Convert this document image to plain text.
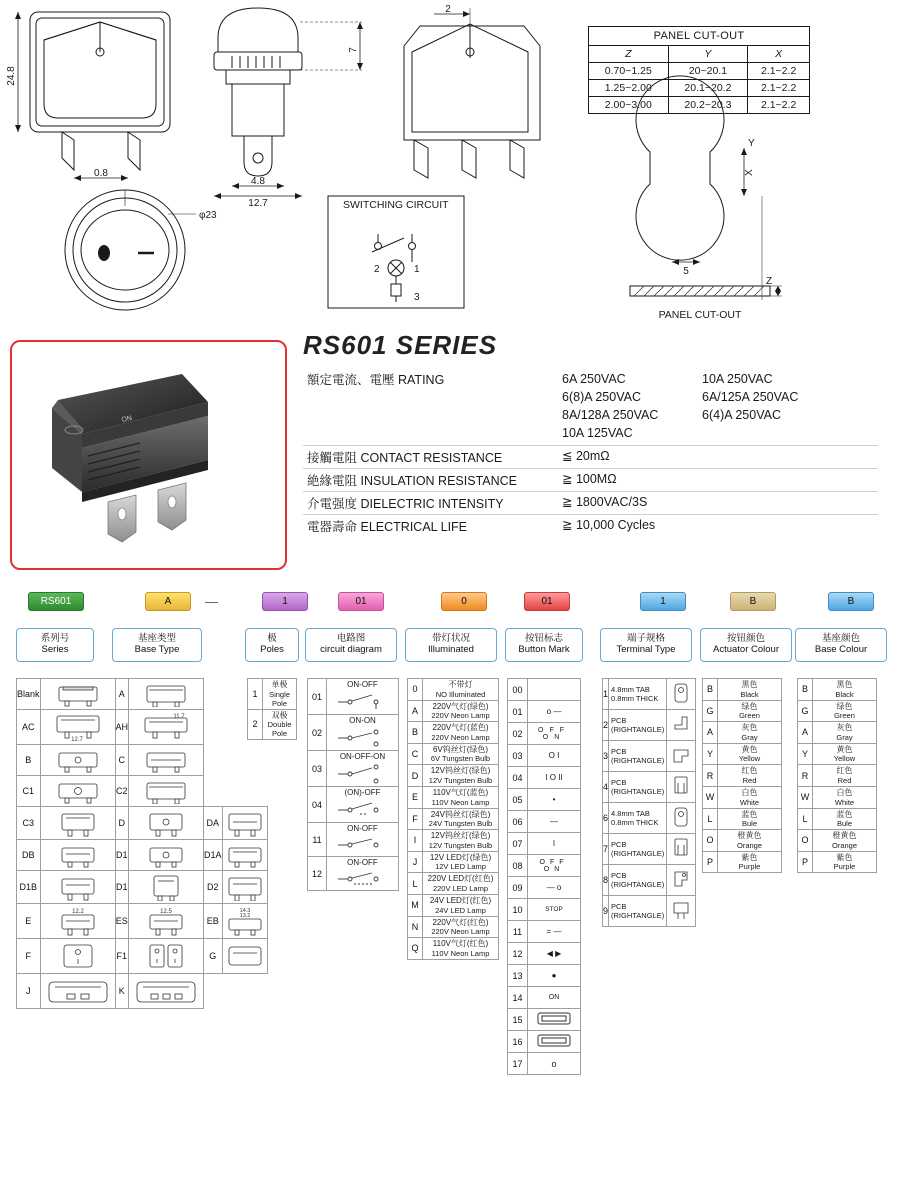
24.8
0.8
4.8
12.7
7
2
φ23
SWITCHING CIRCUIT
2	1
3
Y
X
Z
5
PANEL CUT-OUT
PANEL CUT-OUT
Z	Y	X
0.70~1.25	20~20.1	2.1~2.2
1.25~2.00	20.1~20.2	2.1~2.2
2.00~3.00	20.2~20.3	2.1~2.2
RS601 SERIES
額定電流、電壓 RATING	6A 250VAC 10A 250VAC
6(8)A 250VAC 6A/125A 250VAC
8A/128A 250VAC 6(4)A 250VAC
10A 125VAC

接觸電阻 CONTACT RESISTANCE	≦ 20mΩ
絶緣電阻 INSULATION RESISTANCE	≧ 100MΩ
介電强度 DIELECTRIC INTENSITY	≧ 1800VAC/3S
電器壽命 ELECTRICAL LIFE	≧ 10,000 Cycles
ON
RS601	A	—	1	01	0	01	1	B	B
系列号
Series
基座类型
Base Type
极
Poles
电路图
circuit diagram
带灯状况
Illuminated
按钮标志
Button Mark
端子规格
Terminal Type
按钮颜色
Actuator Colour
基座颜色
Base Colour
Blank		A	

AC	12.7	AH	11.7		

B		C	

C1		C2	

C3		D		DA	

DB		D1		D1A	

D1B		D1		D2	

E	12.2	ES	12.5	EB	14.3
13.2

F		F1		G	

J		K	
1	单极
Single Pole

2	双极
Double Pole
01	ON-OFF

02	ON-ON

03	ON-OFF-ON

04	(ON)-OFF

11	ON-OFF

12	ON-OFF
0	不带灯
NO Illuminated

A	220V气灯(绿色)
220V Neon Lamp

B	220V气灯(蓝色)
220V Neon Lamp

C	6V钨丝灯(绿色)
6V Tungsten Bulb

D	12V钨丝灯(绿色)
12V Tungsten Bulb

E	110V气灯(蓝色)
110V Neon Lamp

F	24V钨丝灯(绿色)
24V Tungsten Bulb

I	12V钨丝灯(绿色)
12V Tungsten Bulb

J	12V LED灯(绿色)
12V LED Lamp

L	220V LED灯(红色)
220V LED Lamp

M	24V LED灯(红色)
24V LED Lamp

N	220V气灯(红色)
220V Neon Lamp

Q	110V气灯(红色)
110V Neon Lamp
00	

01	o —

02	OFF ON

03	O I

04	I O II

05	•

06	—

07	I

08	OFF ON

09	— o

10	STOP

11	= —

12	◀ ▶

13	●

14	ON

15	

16	

17	o
1	4.8mm TAB
0.8mm THICK

2	PCB
(RIGHTANGLE)

3	PCB
(RIGHTANGLE)

4	PCB
(RIGHTANGLE)

6	4.8mm TAB
0.8mm THICK

7	PCB
(RIGHTANGLE)

8	PCB
(RIGHTANGLE)

9	PCB
(RIGHTANGLE)

B	黑色
Black

G	绿色
Green

A	灰色
Gray

Y	黄色
Yellow

R	红色
Red

W	白色
White

L	蓝色
Bule

O	橙黄色
Orange

P	紫色
Purple
B	黑色
Black

G	绿色
Green

A	灰色
Gray

Y	黄色
Yellow

R	红色
Red

W	白色
White

L	蓝色
Bule

O	橙黄色
Orange

P	紫色
Purple
